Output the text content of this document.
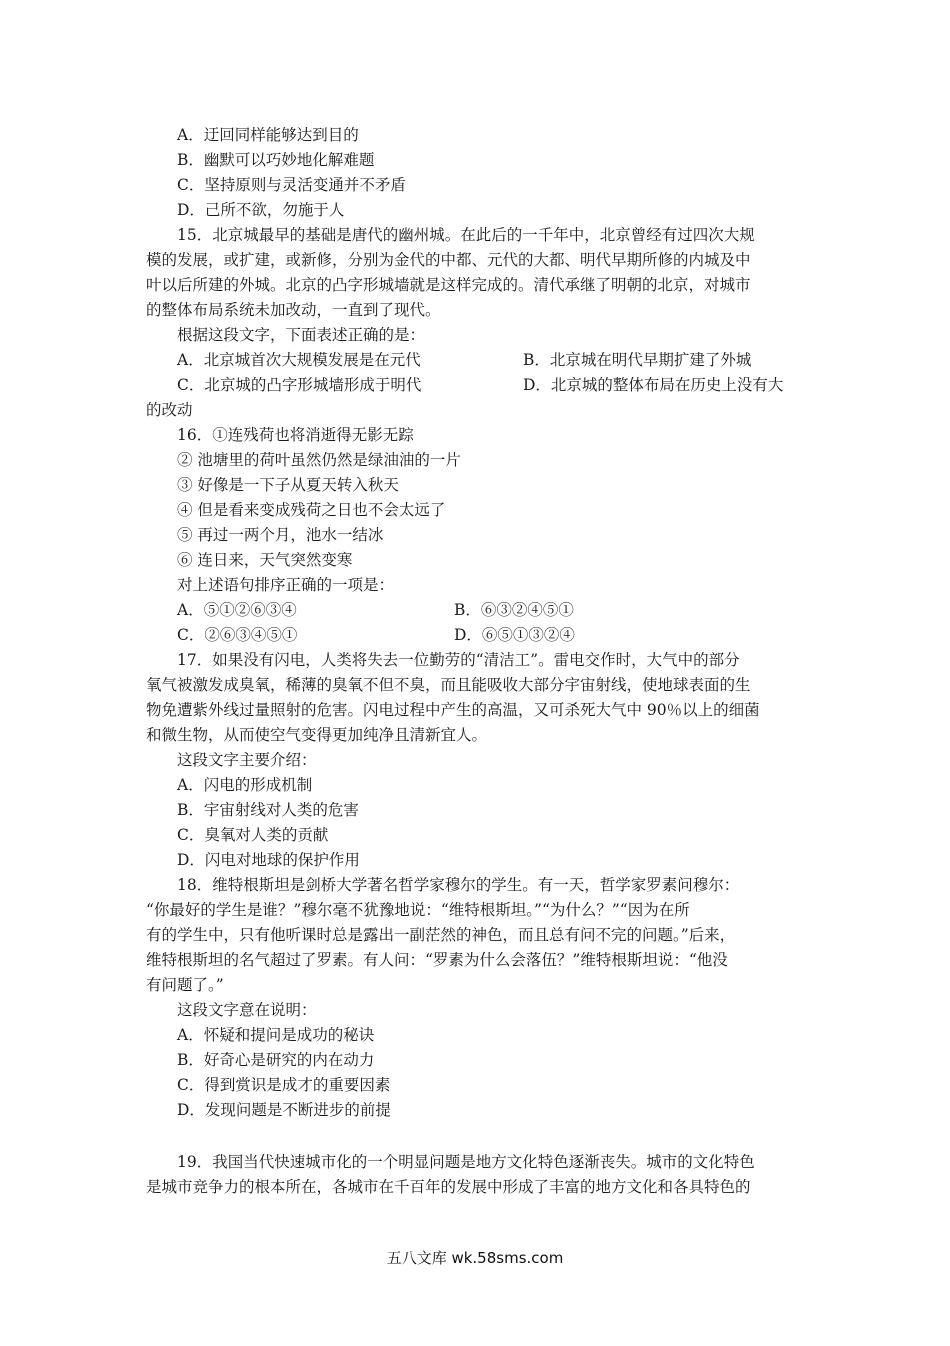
A．迂回同样能够达到目的
B．幽默可以巧妙地化解难题
C．坚持原则与灵活变通并不矛盾
D．己所不欲，勿施于人
15．北京城最早的基础是唐代的幽州城。在此后的一千年中，北京曾经有过四次大规
模的发展，或扩建，或新修，分别为金代的中都、元代的大都、明代早期所修的内城及中
叶以后所建的外城。北京的凸字形城墙就是这样完成的。清代承继了明朝的北京，对城市
的整体布局系统未加改动，一直到了现代。
根据这段文字，下面表述正确的是：
A．北京城首次大规模发展是在元代	B．北京城在明代早期扩建了外城
C．北京城的凸字形城墙形成于明代	D．北京城的整体布局在历史上没有大
的改动
16．①连残荷也将消逝得无影无踪
② 池塘里的荷叶虽然仍然是绿油油的一片
③ 好像是一下子从夏天转入秋天
④ 但是看来变成残荷之日也不会太远了
⑤ 再过一两个月，池水一结冰
⑥ 连日来，天气突然变寒
对上述语句排序正确的一项是：
A．⑤①②⑥③④	B．⑥③②④⑤①
C．②⑥③④⑤①	D．⑥⑤①③②④
17．如果没有闪电，人类将失去一位勤劳的“清洁工”。雷电交作时，大气中的部分
氧气被激发成臭氧，稀薄的臭氧不但不臭，而且能吸收大部分宇宙射线，使地球表面的生
物免遭紫外线过量照射的危害。闪电过程中产生的高温，又可杀死大气中 90％以上的细菌
和微生物，从而使空气变得更加纯净且清新宜人。
这段文字主要介绍：
A．闪电的形成机制
B．宇宙射线对人类的危害
C．臭氧对人类的贡献
D．闪电对地球的保护作用
18．维特根斯坦是剑桥大学著名哲学家穆尔的学生。有一天，哲学家罗素问穆尔：
“你最好的学生是谁？”穆尔毫不犹豫地说：“维特根斯坦。”“为什么？”“因为在所
有的学生中，只有他听课时总是露出一副茫然的神色，而且总有问不完的问题。”后来，
维特根斯坦的名气超过了罗素。有人问：“罗素为什么会落伍？”维特根斯坦说：“他没
有问题了。”
这段文字意在说明：
A．怀疑和提问是成功的秘诀
B．好奇心是研究的内在动力
C．得到赏识是成才的重要因素
D．发现问题是不断进步的前提
19．我国当代快速城市化的一个明显问题是地方文化特色逐渐丧失。城市的文化特色
是城市竞争力的根本所在，各城市在千百年的发展中形成了丰富的地方文化和各具特色的
五八文库 wk.58sms.com
